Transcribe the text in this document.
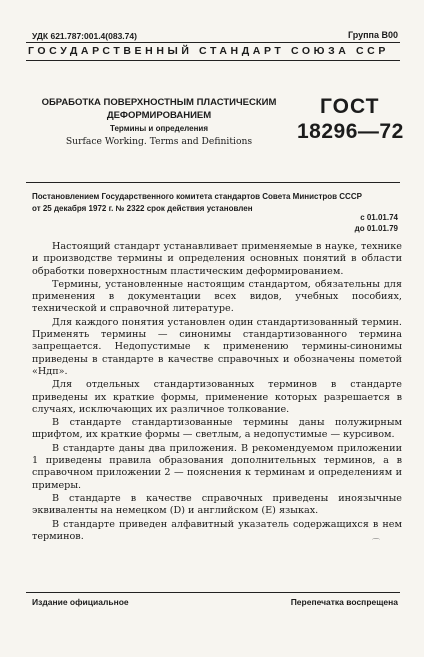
УДК 621.787:001.4(083.74)	Группа В00
ГОСУДАРСТВЕННЫЙ СТАНДАРТ СОЮЗА ССР
ОБРАБОТКА ПОВЕРХНОСТНЫМ ПЛАСТИЧЕСКИМ
ДЕФОРМИРОВАНИЕМ
Термины и определения
Surface Working. Terms and Definitions
ГОСТ
18296—72
Постановлением Государственного комитета стандартов Совета Министров СССР
от 25 декабря 1972 г. № 2322 срок действия установлен
с 01.01.74
до 01.01.79

Настоящий стандарт устанавливает применяемые в науке, технике и производстве термины и определения основных понятий в области обработки поверхностным пластическим деформированием.

Термины, установленные настоящим стандартом, обязательны для применения в документации всех видов, учебных пособиях, технической и справочной литературе.

Для каждого понятия установлен один стандартизованный термин. Применять термины — синонимы стандартизованного термина запрещается. Недопустимые к применению термины-синонимы приведены в стандарте в качестве справочных и обозначены пометой «Ндп».

Для отдельных стандартизованных терминов в стандарте приведены их краткие формы, применение которых разрешается в случаях, исключающих их различное толкование.

В стандарте стандартизованные термины даны полужирным шрифтом, их краткие формы — светлым, а недопустимые — курсивом.

В стандарте даны два приложения. В рекомендуемом приложении 1 приведены правила образования дополнительных терминов, а в справочном приложении 2 — пояснения к терминам и определениям и примеры.

В стандарте в качестве справочных приведены иноязычные эквиваленты на немецком (D) и английском (E) языках.

В стандарте приведен алфавитный указатель содержащихся в нем терминов.

⌒
Издание официальное	Перепечатка воспрещена
